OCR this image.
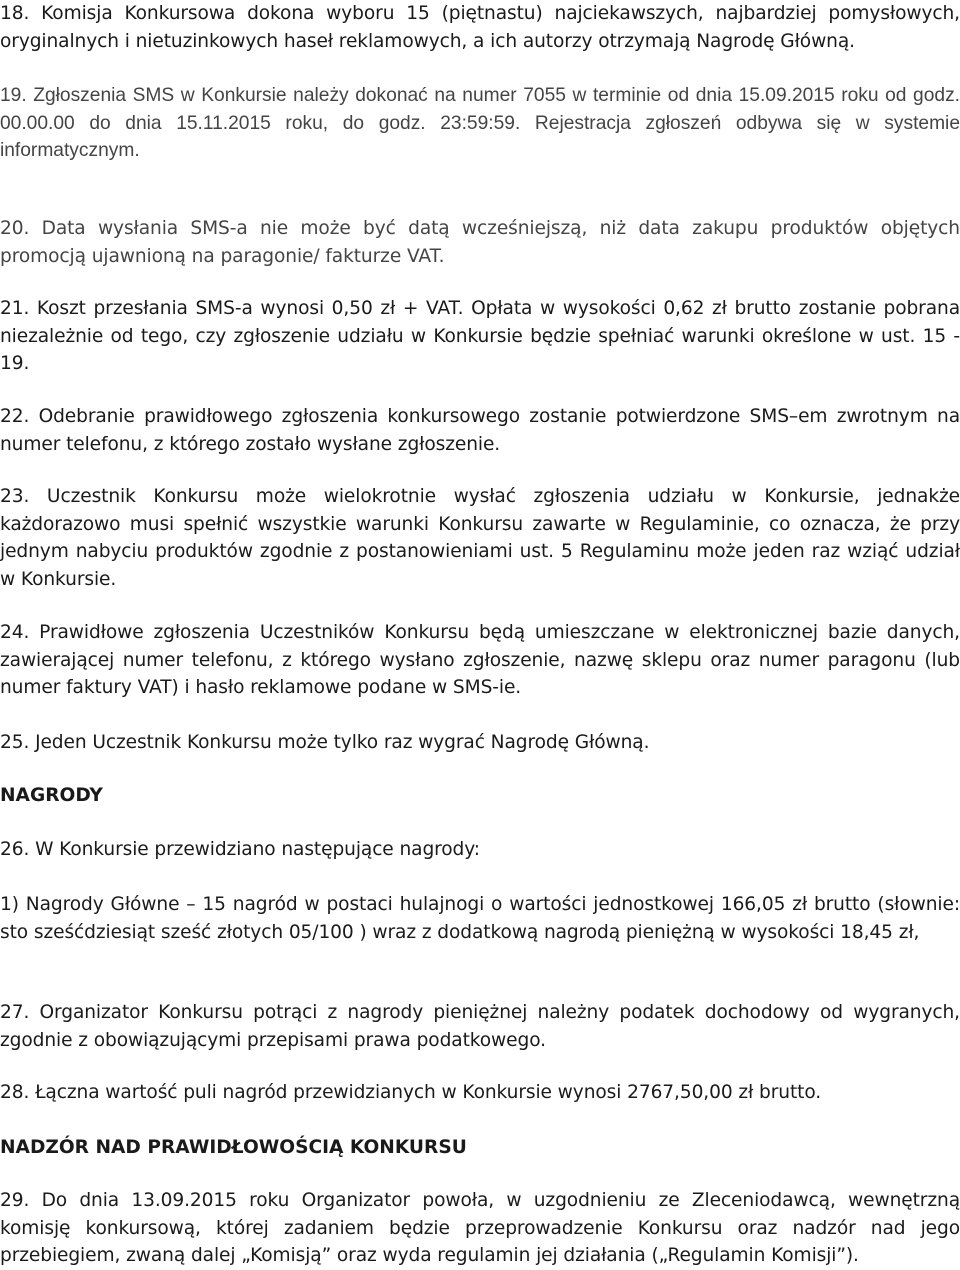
18. Komisja Konkursowa dokona wyboru 15 (piętnastu) najciekawszych, najbardziej pomysłowych, oryginalnych i nietuzinkowych haseł reklamowych, a ich autorzy otrzymają Nagrodę Główną.

19. Zgłoszenia SMS w Konkursie należy dokonać na numer 7055 w terminie od dnia 15.09.2015 roku od godz. 00.00.00 do dnia 15.11.2015 roku, do godz. 23:59:59. Rejestracja zgłoszeń odbywa się w systemie informatycznym.

20. Data wysłania SMS-a nie może być datą wcześniejszą, niż data zakupu produktów objętych promocją ujawnioną na paragonie/ fakturze VAT.

21. Koszt przesłania SMS-a wynosi 0,50 zł + VAT. Opłata w wysokości 0,62 zł brutto zostanie pobrana niezależnie od tego, czy zgłoszenie udziału w Konkursie będzie spełniać warunki określone w ust. 15 - 19.

22. Odebranie prawidłowego zgłoszenia konkursowego zostanie potwierdzone SMS–em zwrotnym na numer telefonu, z którego zostało wysłane zgłoszenie.

23. Uczestnik Konkursu może wielokrotnie wysłać zgłoszenia udziału w Konkursie, jednakże każdorazowo musi spełnić wszystkie warunki Konkursu zawarte w Regulaminie, co oznacza, że przy jednym nabyciu produktów zgodnie z postanowieniami ust. 5 Regulaminu może jeden raz wziąć udział w Konkursie.

24. Prawidłowe zgłoszenia Uczestników Konkursu będą umieszczane w elektronicznej bazie danych, zawierającej numer telefonu, z którego wysłano zgłoszenie, nazwę sklepu oraz numer paragonu (lub numer faktury VAT) i hasło reklamowe podane w SMS-ie.

25. Jeden Uczestnik Konkursu może tylko raz wygrać Nagrodę Główną.

NAGRODY

26. W Konkursie przewidziano następujące nagrody:

1) Nagrody Główne – 15 nagród w postaci hulajnogi o wartości jednostkowej 166,05 zł brutto (słownie: sto sześćdziesiąt sześć złotych 05/100 ) wraz z dodatkową nagrodą pieniężną w wysokości 18,45 zł,

27. Organizator Konkursu potrąci z nagrody pieniężnej należny podatek dochodowy od wygranych, zgodnie z obowiązującymi przepisami prawa podatkowego.

28. Łączna wartość puli nagród przewidzianych w Konkursie wynosi 2767,50,00 zł brutto.

NADZÓR NAD PRAWIDŁOWOŚCIĄ KONKURSU

29. Do dnia 13.09.2015 roku Organizator powoła, w uzgodnieniu ze Zleceniodawcą, wewnętrzną komisję konkursową, której zadaniem będzie przeprowadzenie Konkursu oraz nadzór nad jego przebiegiem, zwaną dalej „Komisją” oraz wyda regulamin jej działania („Regulamin Komisji”).
